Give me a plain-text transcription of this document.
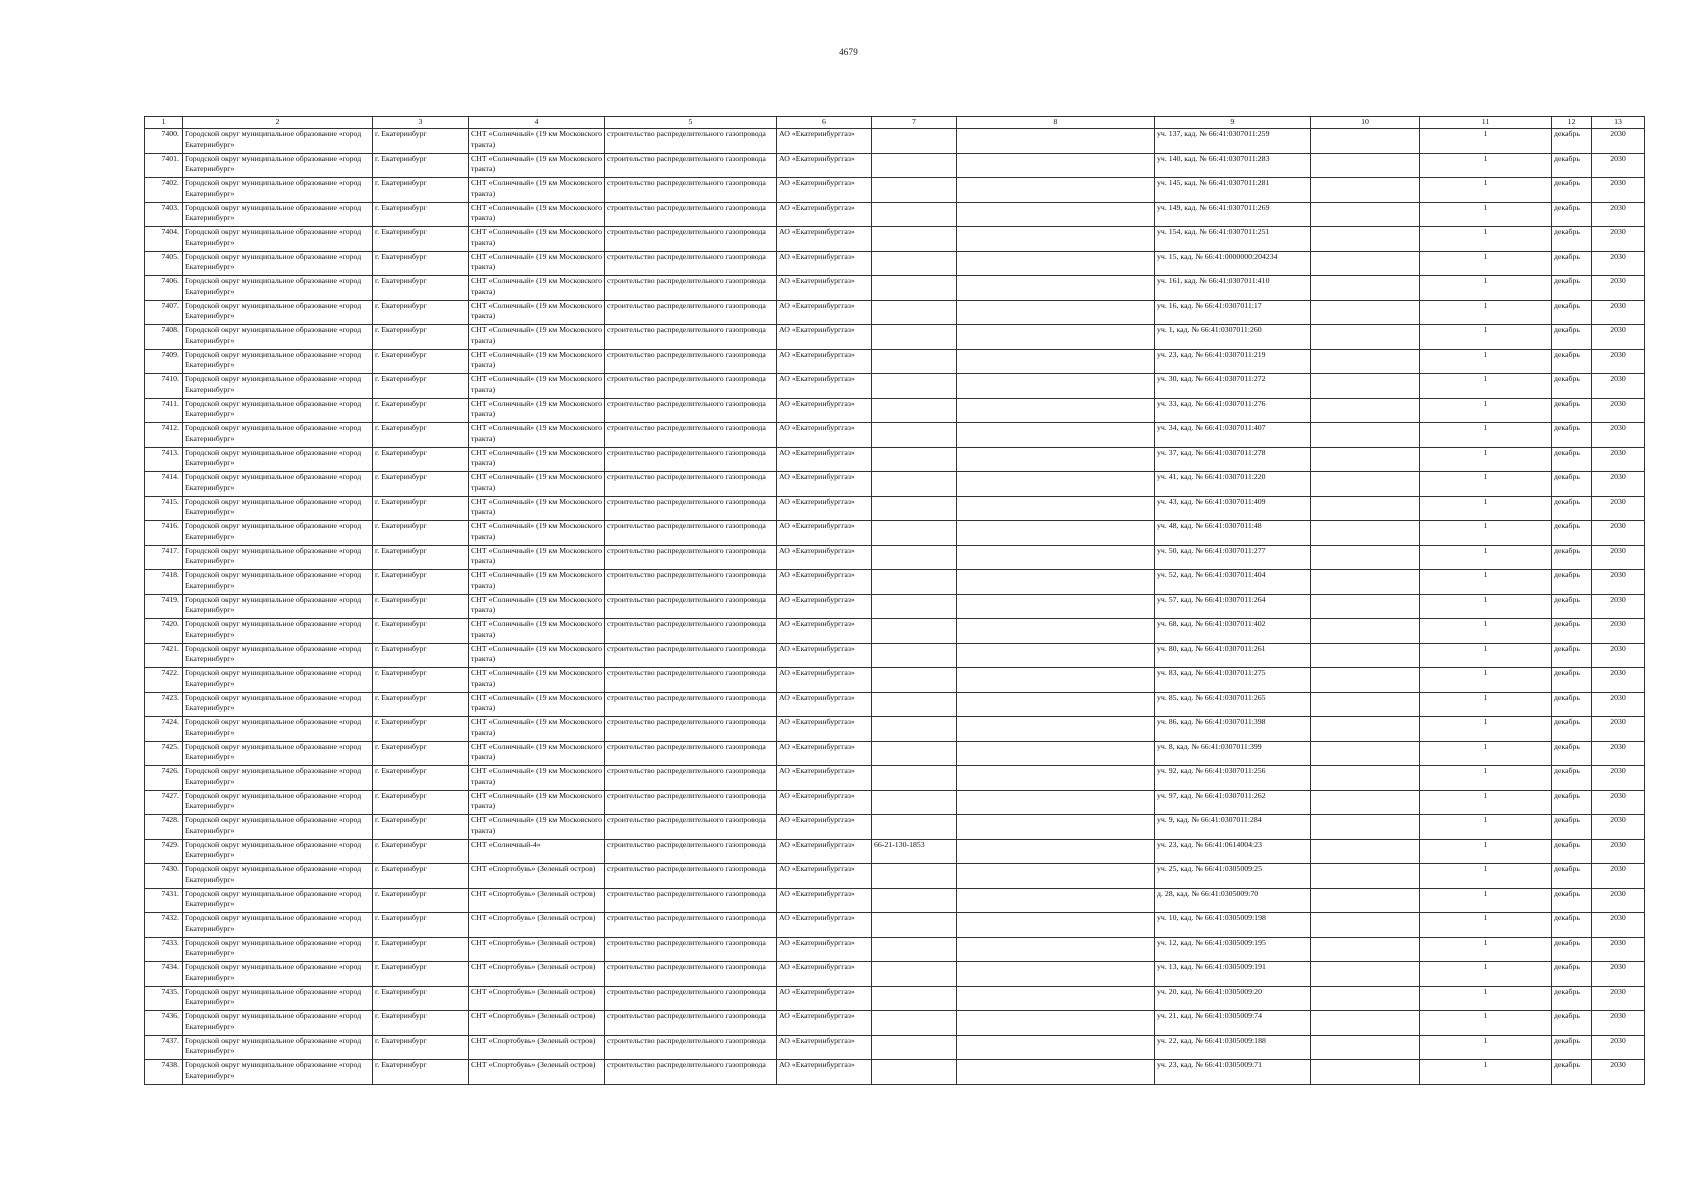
4679
1	2	3	4	5	6	7	8	9	10	11	12	13
7400.	Городской округ муниципальное образование «город Екатеринбург»	г. Екатеринбург	СНТ «Солнечный» (19 км Московского тракта)	строительство распределительного газопровода	АО «Екатеринбурггаз»			уч. 137, кад. № 66:41:0307011:259		1	декабрь	2030
7401.	Городской округ муниципальное образование «город Екатеринбург»	г. Екатеринбург	СНТ «Солнечный» (19 км Московского тракта)	строительство распределительного газопровода	АО «Екатеринбурггаз»			уч. 140, кад. № 66:41:0307011:283		1	декабрь	2030
7402.	Городской округ муниципальное образование «город Екатеринбург»	г. Екатеринбург	СНТ «Солнечный» (19 км Московского тракта)	строительство распределительного газопровода	АО «Екатеринбурггаз»			уч. 145, кад. № 66:41:0307011:281		1	декабрь	2030
7403.	Городской округ муниципальное образование «город Екатеринбург»	г. Екатеринбург	СНТ «Солнечный» (19 км Московского тракта)	строительство распределительного газопровода	АО «Екатеринбурггаз»			уч. 149, кад. № 66:41:0307011:269		1	декабрь	2030
7404.	Городской округ муниципальное образование «город Екатеринбург»	г. Екатеринбург	СНТ «Солнечный» (19 км Московского тракта)	строительство распределительного газопровода	АО «Екатеринбурггаз»			уч. 154, кад. № 66:41:0307011:251		1	декабрь	2030
7405.	Городской округ муниципальное образование «город Екатеринбург»	г. Екатеринбург	СНТ «Солнечный» (19 км Московского тракта)	строительство распределительного газопровода	АО «Екатеринбурггаз»			уч. 15, кад. № 66:41:0000000:204234		1	декабрь	2030
7406.	Городской округ муниципальное образование «город Екатеринбург»	г. Екатеринбург	СНТ «Солнечный» (19 км Московского тракта)	строительство распределительного газопровода	АО «Екатеринбурггаз»			уч. 161, кад. № 66:41:0307011:410		1	декабрь	2030
7407.	Городской округ муниципальное образование «город Екатеринбург»	г. Екатеринбург	СНТ «Солнечный» (19 км Московского тракта)	строительство распределительного газопровода	АО «Екатеринбурггаз»			уч. 16, кад. № 66:41:0307011:17		1	декабрь	2030
7408.	Городской округ муниципальное образование «город Екатеринбург»	г. Екатеринбург	СНТ «Солнечный» (19 км Московского тракта)	строительство распределительного газопровода	АО «Екатеринбурггаз»			уч. 1, кад. № 66:41:0307011:260		1	декабрь	2030
7409.	Городской округ муниципальное образование «город Екатеринбург»	г. Екатеринбург	СНТ «Солнечный» (19 км Московского тракта)	строительство распределительного газопровода	АО «Екатеринбурггаз»			уч. 23, кад. № 66:41:0307011:219		1	декабрь	2030
7410.	Городской округ муниципальное образование «город Екатеринбург»	г. Екатеринбург	СНТ «Солнечный» (19 км Московского тракта)	строительство распределительного газопровода	АО «Екатеринбурггаз»			уч. 30, кад. № 66:41:0307011:272		1	декабрь	2030
7411.	Городской округ муниципальное образование «город Екатеринбург»	г. Екатеринбург	СНТ «Солнечный» (19 км Московского тракта)	строительство распределительного газопровода	АО «Екатеринбурггаз»			уч. 33, кад. № 66:41:0307011:276		1	декабрь	2030
7412.	Городской округ муниципальное образование «город Екатеринбург»	г. Екатеринбург	СНТ «Солнечный» (19 км Московского тракта)	строительство распределительного газопровода	АО «Екатеринбурггаз»			уч. 34, кад. № 66:41:0307011:407		1	декабрь	2030
7413.	Городской округ муниципальное образование «город Екатеринбург»	г. Екатеринбург	СНТ «Солнечный» (19 км Московского тракта)	строительство распределительного газопровода	АО «Екатеринбурггаз»			уч. 37, кад. № 66:41:0307011:278		1	декабрь	2030
7414.	Городской округ муниципальное образование «город Екатеринбург»	г. Екатеринбург	СНТ «Солнечный» (19 км Московского тракта)	строительство распределительного газопровода	АО «Екатеринбурггаз»			уч. 41, кад. № 66:41:0307011:220		1	декабрь	2030
7415.	Городской округ муниципальное образование «город Екатеринбург»	г. Екатеринбург	СНТ «Солнечный» (19 км Московского тракта)	строительство распределительного газопровода	АО «Екатеринбурггаз»			уч. 43, кад. № 66:41:0307011:409		1	декабрь	2030
7416.	Городской округ муниципальное образование «город Екатеринбург»	г. Екатеринбург	СНТ «Солнечный» (19 км Московского тракта)	строительство распределительного газопровода	АО «Екатеринбурггаз»			уч. 48, кад. № 66:41:0307011:48		1	декабрь	2030
7417.	Городской округ муниципальное образование «город Екатеринбург»	г. Екатеринбург	СНТ «Солнечный» (19 км Московского тракта)	строительство распределительного газопровода	АО «Екатеринбурггаз»			уч. 50, кад. № 66:41:0307011:277		1	декабрь	2030
7418.	Городской округ муниципальное образование «город Екатеринбург»	г. Екатеринбург	СНТ «Солнечный» (19 км Московского тракта)	строительство распределительного газопровода	АО «Екатеринбурггаз»			уч. 52, кад. № 66:41:0307011:404		1	декабрь	2030
7419.	Городской округ муниципальное образование «город Екатеринбург»	г. Екатеринбург	СНТ «Солнечный» (19 км Московского тракта)	строительство распределительного газопровода	АО «Екатеринбурггаз»			уч. 57, кад. № 66:41:0307011:264		1	декабрь	2030
7420.	Городской округ муниципальное образование «город Екатеринбург»	г. Екатеринбург	СНТ «Солнечный» (19 км Московского тракта)	строительство распределительного газопровода	АО «Екатеринбурггаз»			уч. 68, кад. № 66:41:0307011:402		1	декабрь	2030
7421.	Городской округ муниципальное образование «город Екатеринбург»	г. Екатеринбург	СНТ «Солнечный» (19 км Московского тракта)	строительство распределительного газопровода	АО «Екатеринбурггаз»			уч. 80, кад. № 66:41:0307011:261		1	декабрь	2030
7422.	Городской округ муниципальное образование «город Екатеринбург»	г. Екатеринбург	СНТ «Солнечный» (19 км Московского тракта)	строительство распределительного газопровода	АО «Екатеринбурггаз»			уч. 83, кад. № 66:41:0307011:275		1	декабрь	2030
7423.	Городской округ муниципальное образование «город Екатеринбург»	г. Екатеринбург	СНТ «Солнечный» (19 км Московского тракта)	строительство распределительного газопровода	АО «Екатеринбурггаз»			уч. 85, кад. № 66:41:0307011:265		1	декабрь	2030
7424.	Городской округ муниципальное образование «город Екатеринбург»	г. Екатеринбург	СНТ «Солнечный» (19 км Московского тракта)	строительство распределительного газопровода	АО «Екатеринбурггаз»			уч. 86, кад. № 66:41:0307011:398		1	декабрь	2030
7425.	Городской округ муниципальное образование «город Екатеринбург»	г. Екатеринбург	СНТ «Солнечный» (19 км Московского тракта)	строительство распределительного газопровода	АО «Екатеринбурггаз»			уч. 8, кад. № 66:41:0307011:399		1	декабрь	2030
7426.	Городской округ муниципальное образование «город Екатеринбург»	г. Екатеринбург	СНТ «Солнечный» (19 км Московского тракта)	строительство распределительного газопровода	АО «Екатеринбурггаз»			уч. 92, кад. № 66:41:0307011:256		1	декабрь	2030
7427.	Городской округ муниципальное образование «город Екатеринбург»	г. Екатеринбург	СНТ «Солнечный» (19 км Московского тракта)	строительство распределительного газопровода	АО «Екатеринбурггаз»			уч. 97, кад. № 66:41:0307011:262		1	декабрь	2030
7428.	Городской округ муниципальное образование «город Екатеринбург»	г. Екатеринбург	СНТ «Солнечный» (19 км Московского тракта)	строительство распределительного газопровода	АО «Екатеринбурггаз»			уч. 9, кад. № 66:41:0307011:284		1	декабрь	2030
7429.	Городской округ муниципальное образование «город Екатеринбург»	г. Екатеринбург	СНТ «Солнечный-4»	строительство распределительного газопровода	АО «Екатеринбурггаз»	66-21-130-1853		уч. 23, кад. № 66:41:0614004:23		1	декабрь	2030
7430.	Городской округ муниципальное образование «город Екатеринбург»	г. Екатеринбург	СНТ «Спортобувь» (Зеленый остров)	строительство распределительного газопровода	АО «Екатеринбурггаз»			уч. 25, кад. № 66:41:0305009:25		1	декабрь	2030
7431.	Городской округ муниципальное образование «город Екатеринбург»	г. Екатеринбург	СНТ «Спортобувь» (Зеленый остров)	строительство распределительного газопровода	АО «Екатеринбурггаз»			д. 28, кад. № 66:41:0305009:70		1	декабрь	2030
7432.	Городской округ муниципальное образование «город Екатеринбург»	г. Екатеринбург	СНТ «Спортобувь» (Зеленый остров)	строительство распределительного газопровода	АО «Екатеринбурггаз»			уч. 10, кад. № 66:41:0305009:198		1	декабрь	2030
7433.	Городской округ муниципальное образование «город Екатеринбург»	г. Екатеринбург	СНТ «Спортобувь» (Зеленый остров)	строительство распределительного газопровода	АО «Екатеринбурггаз»			уч. 12, кад. № 66:41:0305009:195		1	декабрь	2030
7434.	Городской округ муниципальное образование «город Екатеринбург»	г. Екатеринбург	СНТ «Спортобувь» (Зеленый остров)	строительство распределительного газопровода	АО «Екатеринбурггаз»			уч. 13, кад. № 66:41:0305009:191		1	декабрь	2030
7435.	Городской округ муниципальное образование «город Екатеринбург»	г. Екатеринбург	СНТ «Спортобувь» (Зеленый остров)	строительство распределительного газопровода	АО «Екатеринбурггаз»			уч. 20, кад. № 66:41:0305009:20		1	декабрь	2030
7436.	Городской округ муниципальное образование «город Екатеринбург»	г. Екатеринбург	СНТ «Спортобувь» (Зеленый остров)	строительство распределительного газопровода	АО «Екатеринбурггаз»			уч. 21, кад. № 66:41:0305009:74		1	декабрь	2030
7437.	Городской округ муниципальное образование «город Екатеринбург»	г. Екатеринбург	СНТ «Спортобувь» (Зеленый остров)	строительство распределительного газопровода	АО «Екатеринбурггаз»			уч. 22, кад. № 66:41:0305009:188		1	декабрь	2030
7438.	Городской округ муниципальное образование «город Екатеринбург»	г. Екатеринбург	СНТ «Спортобувь» (Зеленый остров)	строительство распределительного газопровода	АО «Екатеринбурггаз»			уч. 23, кад. № 66:41:0305009:71		1	декабрь	2030
